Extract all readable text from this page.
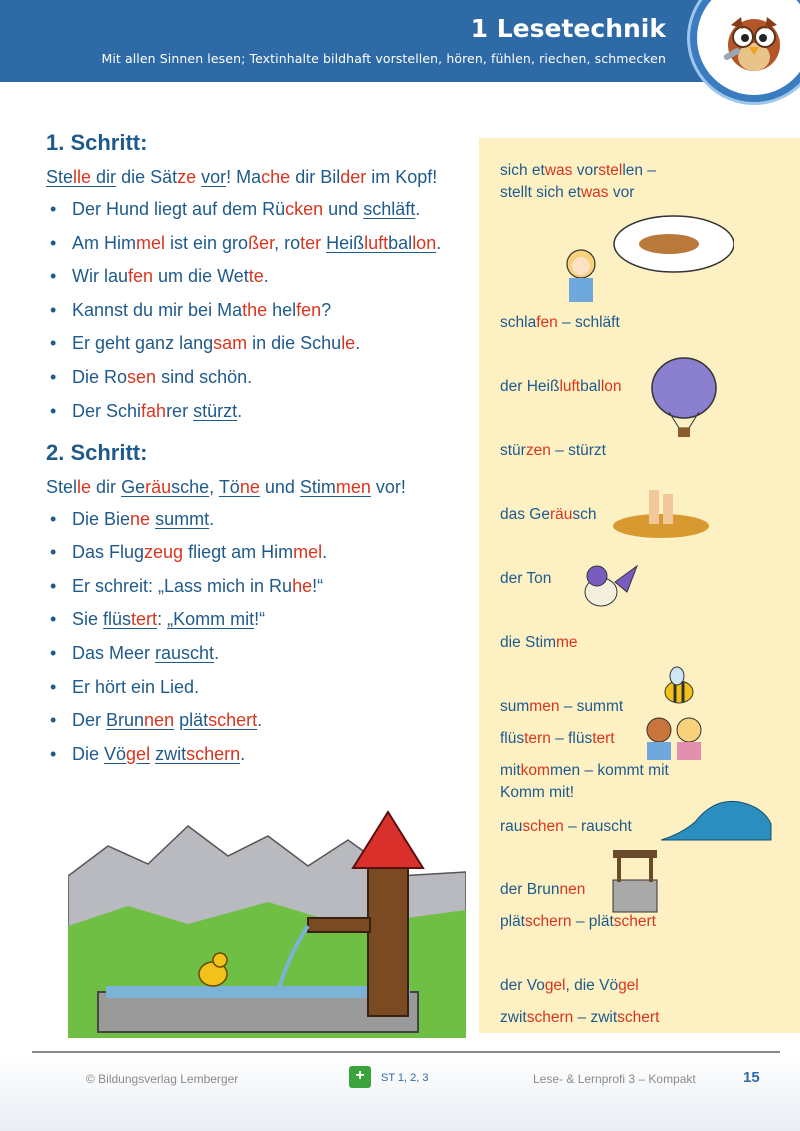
1 Lesetechnik
Mit allen Sinnen lesen; Textinhalte bildhaft vorstellen, hören, fühlen, riechen, schmecken
1. Schritt:

Stelle dir die Sätze vor! Mache dir Bilder im Kopf!

• Der Hund liegt auf dem Rücken und schläft.
• Am Himmel ist ein großer, roter Heißluftballon.
• Wir laufen um die Wette.
• Kannst du mir bei Mathe helfen?
• Er geht ganz langsam in die Schule.
• Die Rosen sind schön.
• Der Schifahrer stürzt.
2. Schritt:

Stelle dir Geräusche, Töne und Stimmen vor!

• Die Biene summt.
• Das Flugzeug fliegt am Himmel.
• Er schreit: „Lass mich in Ruhe!“
• Sie flüstert: „Komm mit!“
• Das Meer rauscht.
• Er hört ein Lied.
• Der Brunnen plätschert.
• Die Vögel zwitschern.
sich etwas vorstellen –
stellt sich etwas vor
schlafen – schläft
der Heißluftballon
stürzen – stürzt
das Geräusch
der Ton
die Stimme
summen – summt
flüstern – flüstert
mitkommen – kommt mit
Komm mit!
rauschen – rauscht
der Brunnen
plätschern – plätschert
der Vogel, die Vögel
zwitschern – zwitschert
© Bildungsverlag Lemberger	+	ST 1, 2, 3	Lese- & Lernprofi 3 – Kompakt	15
